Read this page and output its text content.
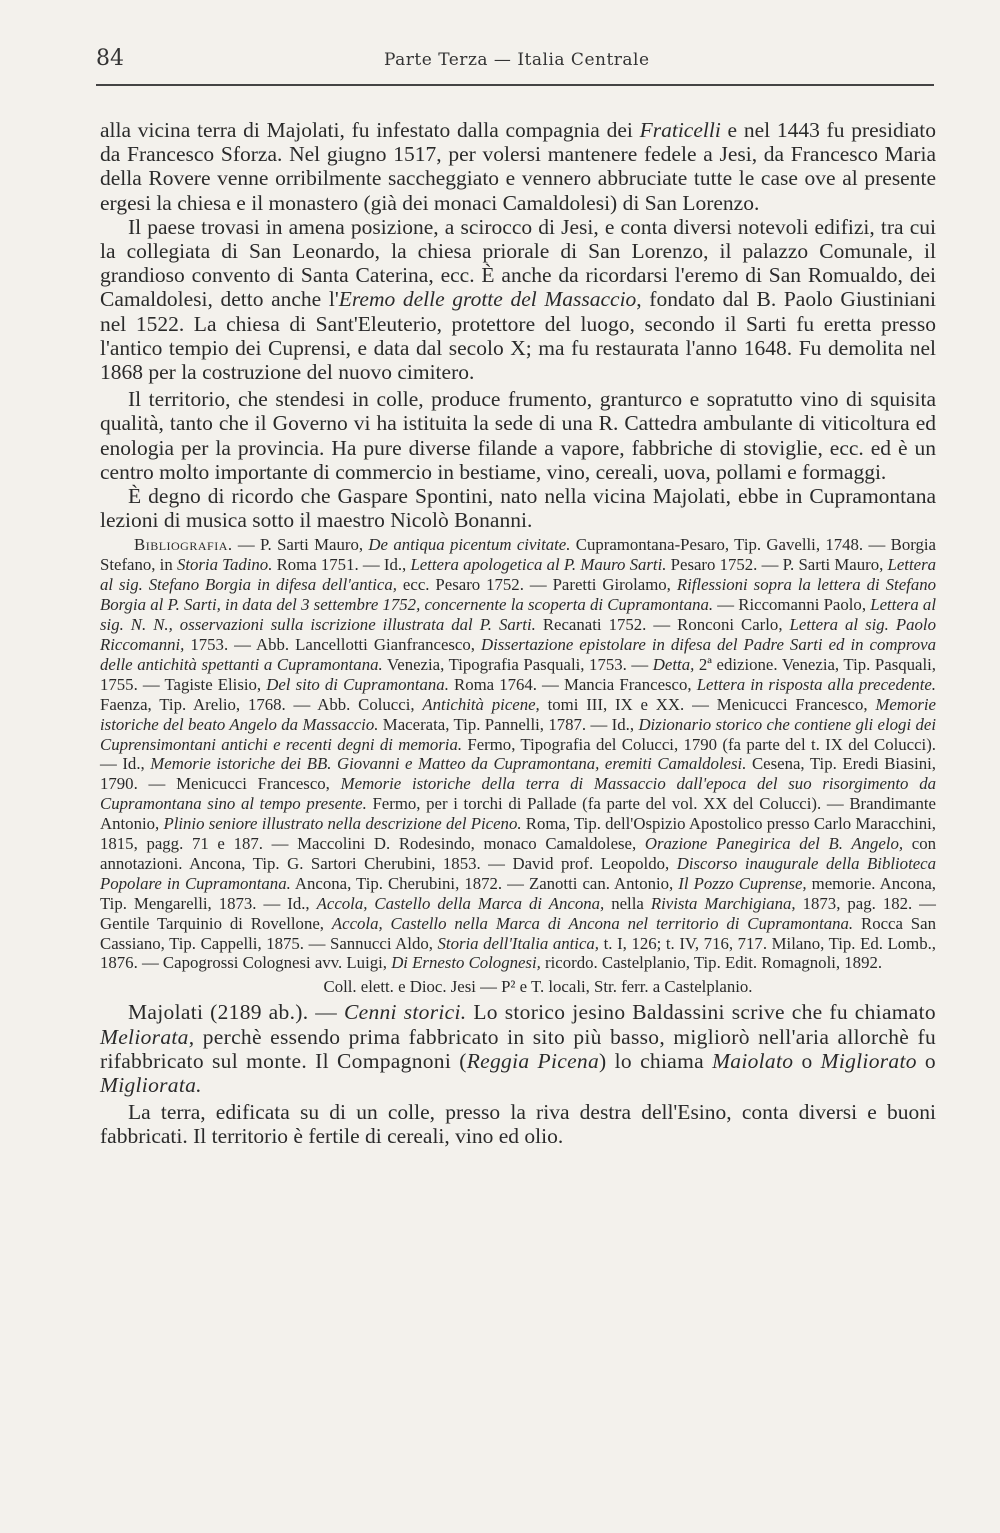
84	Parte Terza — Italia Centrale

alla vicina terra di Majolati, fu infestato dalla compagnia dei Fraticelli e nel 1443 fu presidiato da Francesco Sforza. Nel giugno 1517, per volersi mantenere fedele a Jesi, da Francesco Maria della Rovere venne orribilmente saccheggiato e vennero abbruciate tutte le case ove al presente ergesi la chiesa e il monastero (già dei monaci Camaldolesi) di San Lorenzo.

Il paese trovasi in amena posizione, a scirocco di Jesi, e conta diversi notevoli edifizi, tra cui la collegiata di San Leonardo, la chiesa priorale di San Lorenzo, il palazzo Comunale, il grandioso convento di Santa Caterina, ecc. È anche da ricordarsi l'eremo di San Romualdo, dei Camaldolesi, detto anche l'Eremo delle grotte del Massaccio, fondato dal B. Paolo Giustiniani nel 1522. La chiesa di Sant'Eleuterio, protettore del luogo, secondo il Sarti fu eretta presso l'antico tempio dei Cuprensi, e data dal secolo X; ma fu restaurata l'anno 1648. Fu demolita nel 1868 per la costruzione del nuovo cimitero.

Il territorio, che stendesi in colle, produce frumento, granturco e sopratutto vino di squisita qualità, tanto che il Governo vi ha istituita la sede di una R. Cattedra ambulante di viticoltura ed enologia per la provincia. Ha pure diverse filande a vapore, fabbriche di stoviglie, ecc. ed è un centro molto importante di commercio in bestiame, vino, cereali, uova, pollami e formaggi.

È degno di ricordo che Gaspare Spontini, nato nella vicina Majolati, ebbe in Cupramontana lezioni di musica sotto il maestro Nicolò Bonanni.

Bibliografia. — P. Sarti Mauro, De antiqua picentum civitate. Cupramontana-Pesaro, Tip. Gavelli, 1748. — Borgia Stefano, in Storia Tadino. Roma 1751. — Id., Lettera apologetica al P. Mauro Sarti. Pesaro 1752. — P. Sarti Mauro, Lettera al sig. Stefano Borgia in difesa dell'antica, ecc. Pesaro 1752. — Paretti Girolamo, Riflessioni sopra la lettera di Stefano Borgia al P. Sarti, in data del 3 settembre 1752, concernente la scoperta di Cupramontana. — Riccomanni Paolo, Lettera al sig. N. N., osservazioni sulla iscrizione illustrata dal P. Sarti. Recanati 1752. — Ronconi Carlo, Lettera al sig. Paolo Riccomanni, 1753. — Abb. Lancellotti Gianfrancesco, Dissertazione epistolare in difesa del Padre Sarti ed in comprova delle antichità spettanti a Cupramontana. Venezia, Tipografia Pasquali, 1753. — Detta, 2ª edizione. Venezia, Tip. Pasquali, 1755. — Tagiste Elisio, Del sito di Cupramontana. Roma 1764. — Mancia Francesco, Lettera in risposta alla precedente. Faenza, Tip. Arelio, 1768. — Abb. Colucci, Antichità picene, tomi III, IX e XX. — Menicucci Francesco, Memorie istoriche del beato Angelo da Massaccio. Macerata, Tip. Pannelli, 1787. — Id., Dizionario storico che contiene gli elogi dei Cuprensimontani antichi e recenti degni di memoria. Fermo, Tipografia del Colucci, 1790 (fa parte del t. IX del Colucci). — Id., Memorie istoriche dei BB. Giovanni e Matteo da Cupramontana, eremiti Camaldolesi. Cesena, Tip. Eredi Biasini, 1790. — Menicucci Francesco, Memorie istoriche della terra di Massaccio dall'epoca del suo risorgimento da Cupramontana sino al tempo presente. Fermo, per i torchi di Pallade (fa parte del vol. XX del Colucci). — Brandimante Antonio, Plinio seniore illustrato nella descrizione del Piceno. Roma, Tip. dell'Ospizio Apostolico presso Carlo Maracchini, 1815, pagg. 71 e 187. — Maccolini D. Rodesindo, monaco Camaldolese, Orazione Panegirica del B. Angelo, con annotazioni. Ancona, Tip. G. Sartori Cherubini, 1853. — David prof. Leopoldo, Discorso inaugurale della Biblioteca Popolare in Cupramontana. Ancona, Tip. Cherubini, 1872. — Zanotti can. Antonio, Il Pozzo Cuprense, memorie. Ancona, Tip. Mengarelli, 1873. — Id., Accola, Castello della Marca di Ancona, nella Rivista Marchigiana, 1873, pag. 182. — Gentile Tarquinio di Rovellone, Accola, Castello nella Marca di Ancona nel territorio di Cupramontana. Rocca San Cassiano, Tip. Cappelli, 1875. — Sannucci Aldo, Storia dell'Italia antica, t. I, 126; t. IV, 716, 717. Milano, Tip. Ed. Lomb., 1876. — Capogrossi Colognesi avv. Luigi, Di Ernesto Colognesi, ricordo. Castelplanio, Tip. Edit. Romagnoli, 1892.

Coll. elett. e Dioc. Jesi — P² e T. locali, Str. ferr. a Castelplanio.

Majolati (2189 ab.). — Cenni storici. Lo storico jesino Baldassini scrive che fu chiamato Meliorata, perchè essendo prima fabbricato in sito più basso, migliorò nell'aria allorchè fu rifabbricato sul monte. Il Compagnoni (Reggia Picena) lo chiama Maiolato o Migliorato o Migliorata.

La terra, edificata su di un colle, presso la riva destra dell'Esino, conta diversi e buoni fabbricati. Il territorio è fertile di cereali, vino ed olio.
